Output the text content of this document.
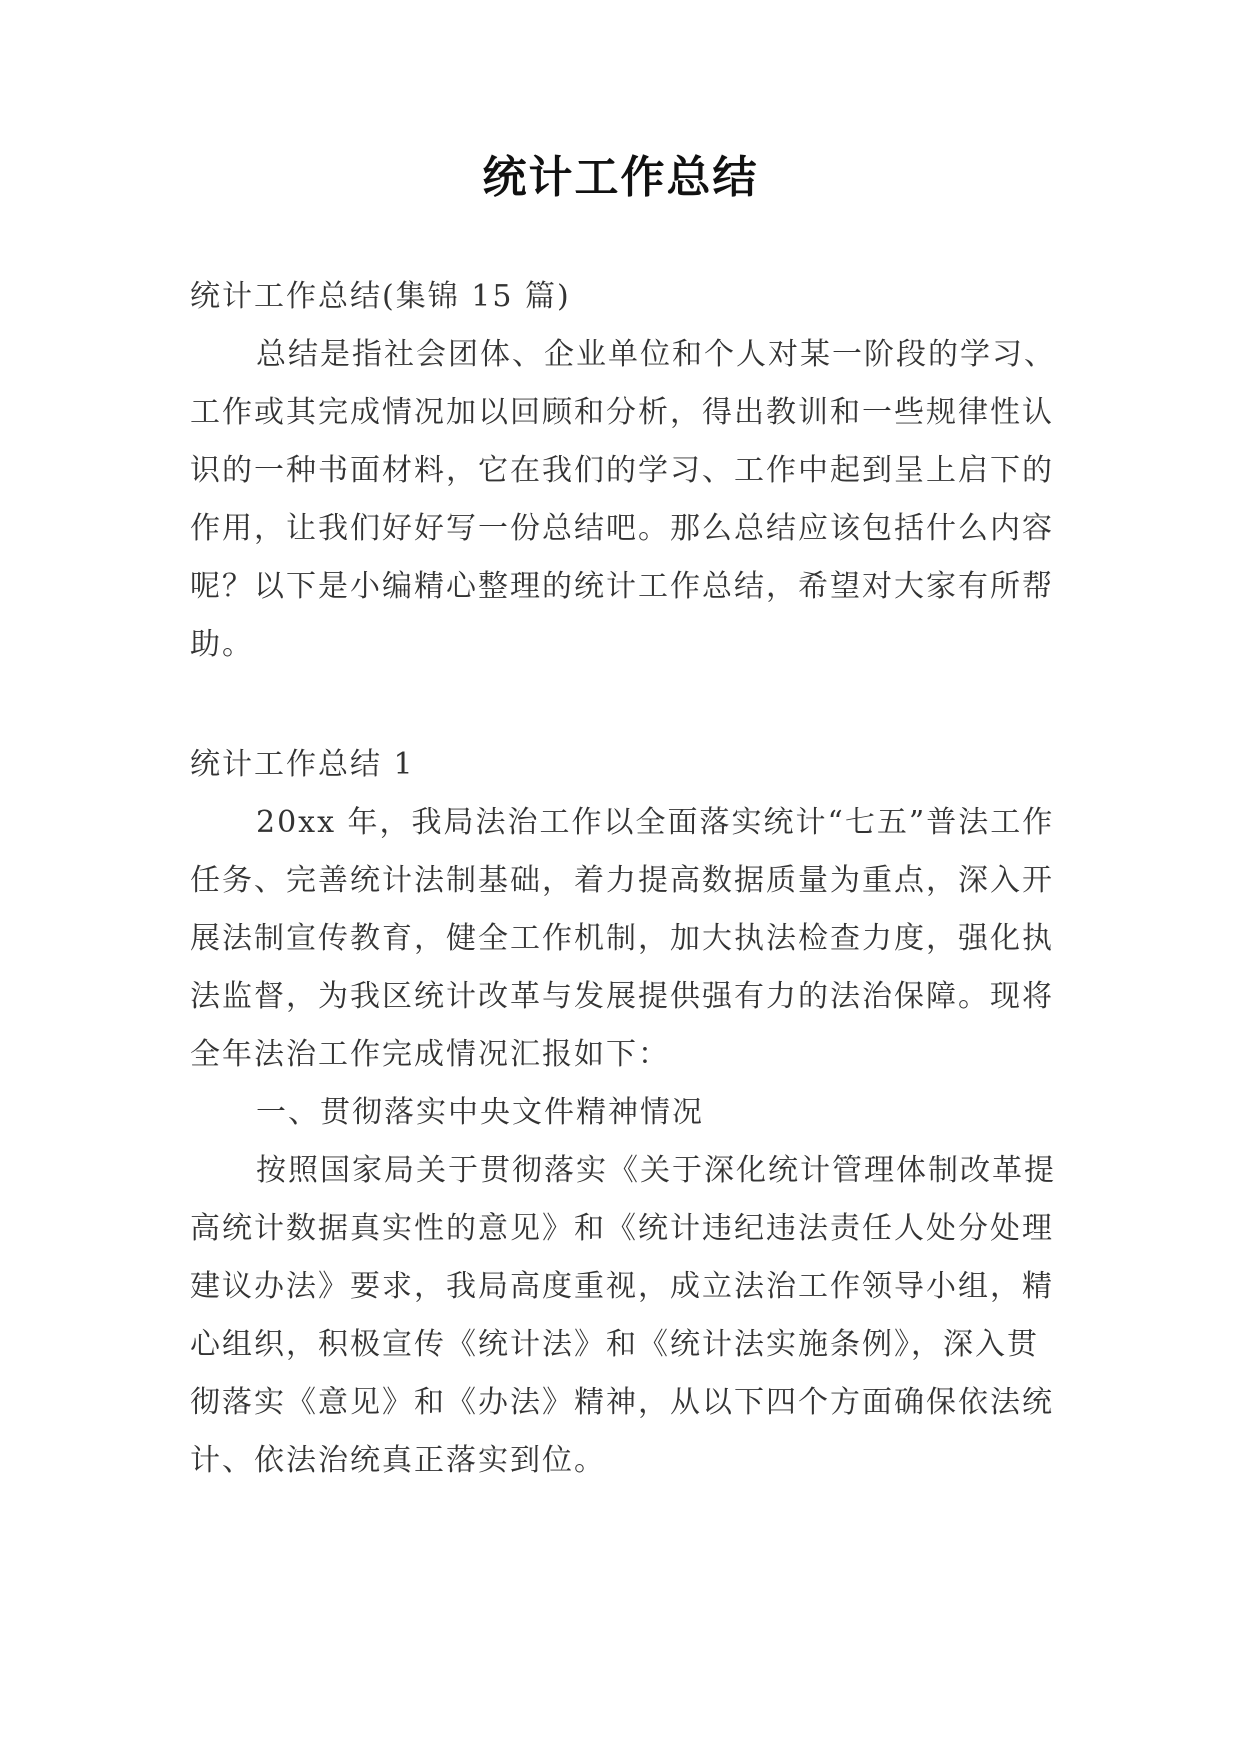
统计工作总结

统计工作总结(集锦 15 篇)

总结是指社会团体、企业单位和个人对某一阶段的学习、工作或其完成情况加以回顾和分析，得出教训和一些规律性认识的一种书面材料，它在我们的学习、工作中起到呈上启下的作用，让我们好好写一份总结吧。那么总结应该包括什么内容呢？以下是小编精心整理的统计工作总结，希望对大家有所帮助。

统计工作总结 1

20xx 年，我局法治工作以全面落实统计“七五”普法工作任务、完善统计法制基础，着力提高数据质量为重点，深入开展法制宣传教育，健全工作机制，加大执法检查力度，强化执法监督，为我区统计改革与发展提供强有力的法治保障。现将全年法治工作完成情况汇报如下：

一、贯彻落实中央文件精神情况

按照国家局关于贯彻落实《关于深化统计管理体制改革提高统计数据真实性的意见》和《统计违纪违法责任人处分处理建议办法》要求，我局高度重视，成立法治工作领导小组，精心组织，积极宣传《统计法》和《统计法实施条例》，深入贯彻落实《意见》和《办法》精神，从以下四个方面确保依法统计、依法治统真正落实到位。
